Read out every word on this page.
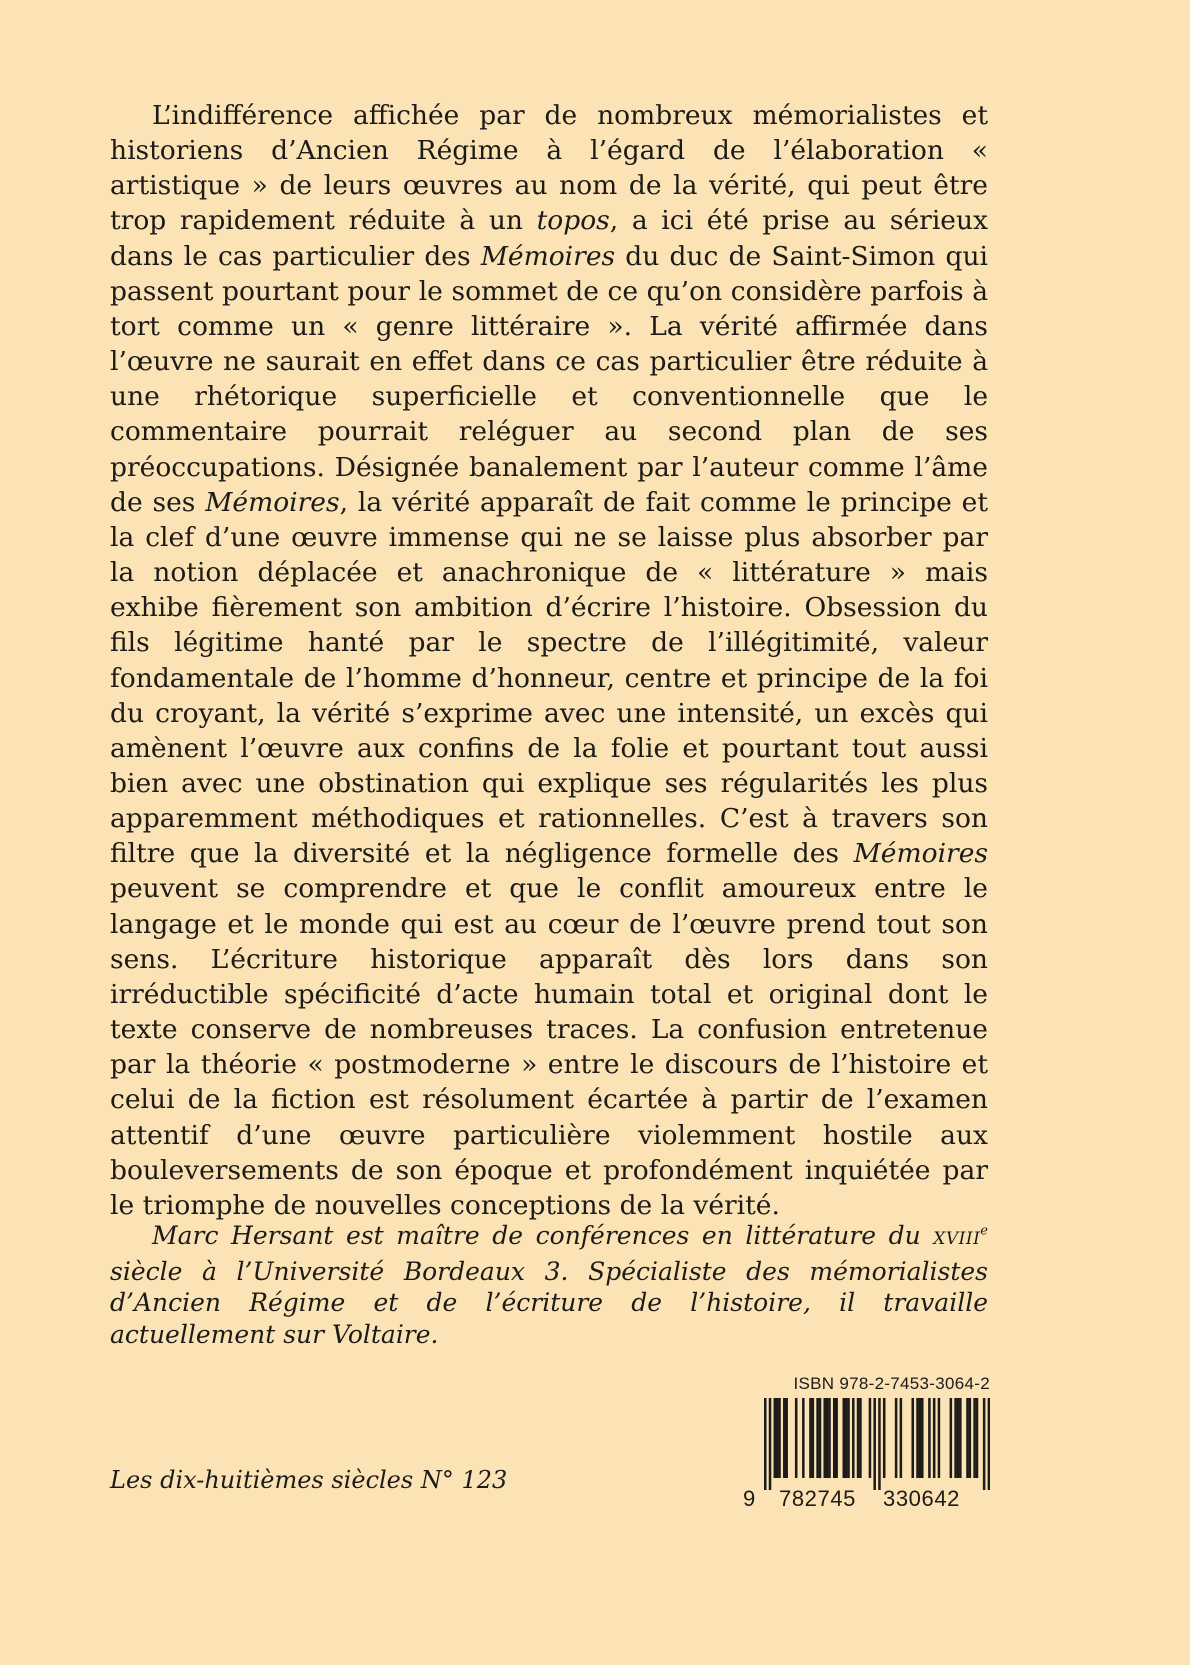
L’indifférence affichée par de nombreux mémorialistes et historiens d’Ancien Régime à l’égard de l’élaboration « artistique » de leurs œuvres au nom de la vérité, qui peut être trop rapidement réduite à un topos, a ici été prise au sérieux dans le cas particulier des Mémoires du duc de Saint-Simon qui passent pourtant pour le sommet de ce qu’on considère parfois à tort comme un « genre littéraire ». La vérité affirmée dans l’œuvre ne saurait en effet dans ce cas particulier être réduite à une rhétorique superficielle et conventionnelle que le commentaire pourrait reléguer au second plan de ses préoccupations. Désignée banalement par l’auteur comme l’âme de ses Mémoires, la vérité apparaît de fait comme le principe et la clef d’une œuvre immense qui ne se laisse plus absorber par la notion déplacée et anachronique de « littérature » mais exhibe fièrement son ambition d’écrire l’histoire. Obsession du fils légitime hanté par le spectre de l’illégitimité, valeur fondamentale de l’homme d’honneur, centre et principe de la foi du croyant, la vérité s’exprime avec une intensité, un excès qui amènent l’œuvre aux confins de la folie et pourtant tout aussi bien avec une obstination qui explique ses régularités les plus apparemment méthodiques et rationnelles. C’est à travers son filtre que la diversité et la négligence formelle des Mémoires peuvent se comprendre et que le conflit amoureux entre le langage et le monde qui est au cœur de l’œuvre prend tout son sens. L’écriture historique apparaît dès lors dans son irréductible spécificité d’acte humain total et original dont le texte conserve de nombreuses traces. La confusion entretenue par la théorie « postmoderne » entre le discours de l’histoire et celui de la fiction est résolument écartée à partir de l’examen attentif d’une œuvre particulière violemment hostile aux bouleversements de son époque et profondément inquiétée par le triomphe de nouvelles conceptions de la vérité.

Marc Hersant est maître de conférences en littérature du XVIIIe siècle à l’Université Bordeaux 3. Spécialiste des mémorialistes d’Ancien Régime et de l’écriture de l’histoire, il travaille actuellement sur Voltaire.

Les dix-huitièmes siècles N° 123
ISBN 978-2-7453-3064-2
9 782745 330642
